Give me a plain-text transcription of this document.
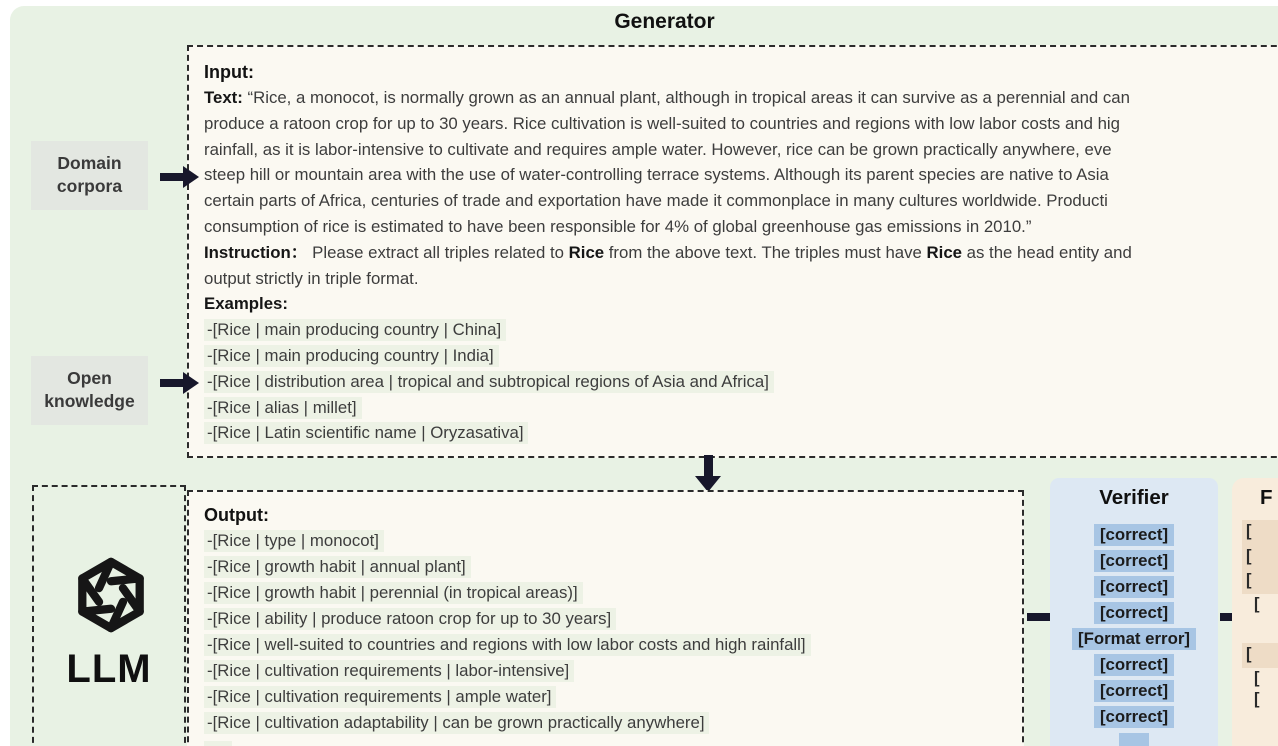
Generator
Input:
Text: “Rice, a monocot, is normally grown as an annual plant, although in tropical areas it can survive as a perennial and can
produce a ratoon crop for up to 30 years. Rice cultivation is well-suited to countries and regions with low labor costs and hig
rainfall, as it is labor-intensive to cultivate and requires ample water. However, rice can be grown practically anywhere, eve
steep hill or mountain area with the use of water-controlling terrace systems. Although its parent species are native to Asia
certain parts of Africa, centuries of trade and exportation have made it commonplace in many cultures worldwide. Producti
consumption of rice is estimated to have been responsible for 4% of global greenhouse gas emissions in 2010.”
Instruction： Please extract all triples related to Rice from the above text. The triples must have Rice as the head entity and
output strictly in triple format.
Examples:
-[Rice | main producing country | China]
-[Rice | main producing country | India]
-[Rice | distribution area | tropical and subtropical regions of Asia and Africa]
-[Rice | alias | millet]
-[Rice | Latin scientific name | Oryzasativa]
Domain
corpora
Open
knowledge
LLM
Output:
-[Rice | type | monocot]
-[Rice | growth habit | annual plant]
-[Rice | growth habit | perennial (in tropical areas)]
-[Rice | ability | produce ratoon crop for up to 30 years]
-[Rice | well-suited to countries and regions with low labor costs and high rainfall]
-[Rice | cultivation requirements | labor-intensive]
-[Rice | cultivation requirements | ample water]
-[Rice | cultivation adaptability | can be grown practically anywhere]
Verifier
[correct]
[correct]
[correct]
[correct]
[Format error]
[correct]
[correct]
[correct]
F
[
[
[
[
[
[
[
